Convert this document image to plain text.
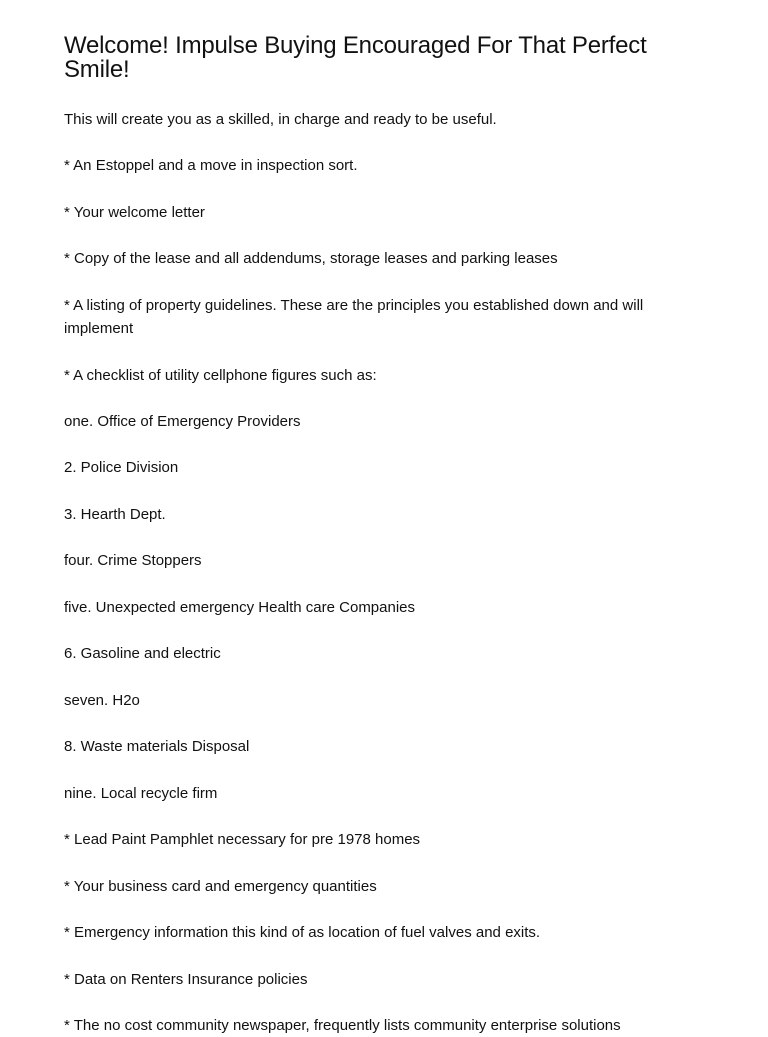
Welcome! Impulse Buying Encouraged For That Perfect Smile!

This will create you as a skilled, in charge and ready to be useful.

* An Estoppel and a move in inspection sort.

* Your welcome letter

* Copy of the lease and all addendums, storage leases and parking leases

* A listing of property guidelines. These are the principles you established down and will implement

* A checklist of utility cellphone figures such as:

one. Office of Emergency Providers

2. Police Division

3. Hearth Dept.

four. Crime Stoppers

five. Unexpected emergency Health care Companies

6. Gasoline and electric

seven. H2o

8. Waste materials Disposal

nine. Local recycle firm

* Lead Paint Pamphlet necessary for pre 1978 homes

* Your business card and emergency quantities

* Emergency information this kind of as location of fuel valves and exits.

* Data on Renters Insurance policies

* The no cost community newspaper, frequently lists community enterprise solutions
